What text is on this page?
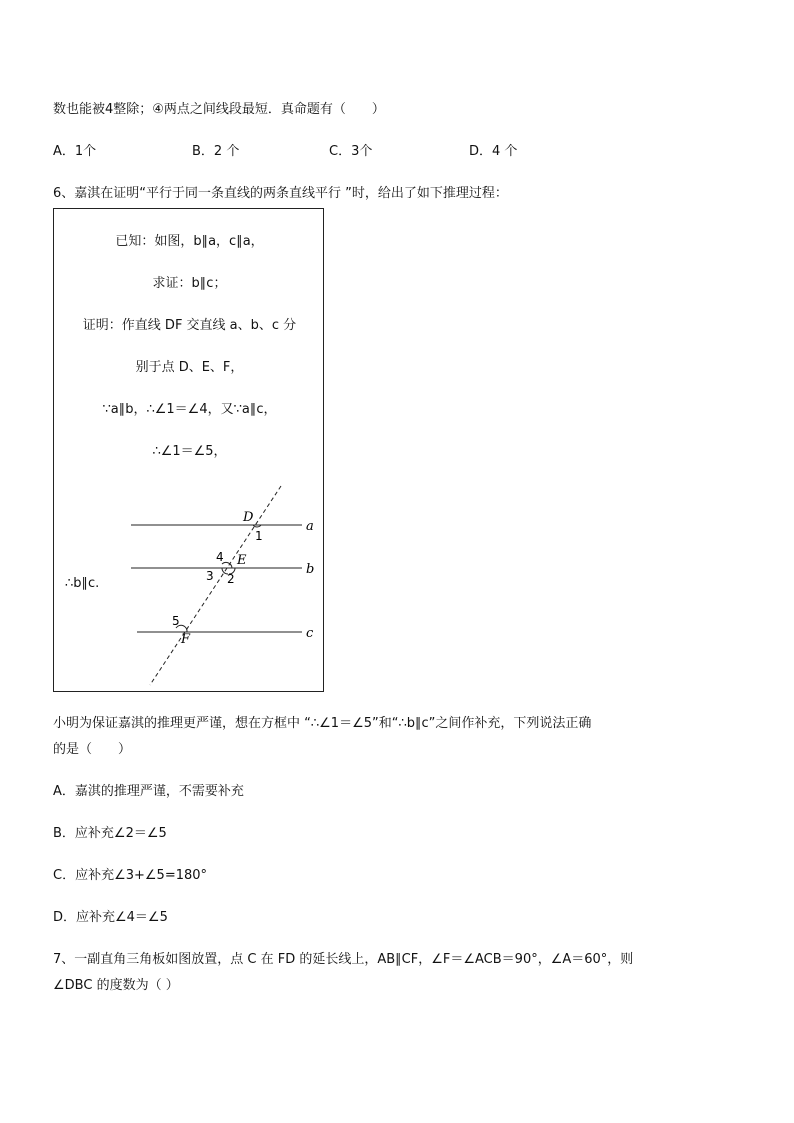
数也能被4整除；④两点之间线段最短．真命题有（　　）
A．1个	B．2 个	C．3个	D．4 个
6、嘉淇在证明“平行于同一条直线的两条直线平行 ”时，给出了如下推理过程：
已知：如图，b∥a，c∥a，
求证：b∥c；
证明：作直线 DF 交直线 a、b、c 分
别于点 D、E、F，
∵a∥b，∴∠1＝∠4，又∵a∥c，
∴∠1＝∠5，
∴b∥c.
a
b
c
D
E
F
1
4
3 2
5
小明为保证嘉淇的推理更严谨，想在方框中 “∴∠1＝∠5”和“∴b∥c”之间作补充，下列说法正确
的是（　　）
A．嘉淇的推理严谨，不需要补充
B．应补充∠2＝∠5
C．应补充∠3+∠5=180°
D．应补充∠4＝∠5
7、一副直角三角板如图放置，点 C 在 FD 的延长线上，AB∥CF，∠F＝∠ACB＝90°，∠A＝60°，则
∠DBC 的度数为（ ）
